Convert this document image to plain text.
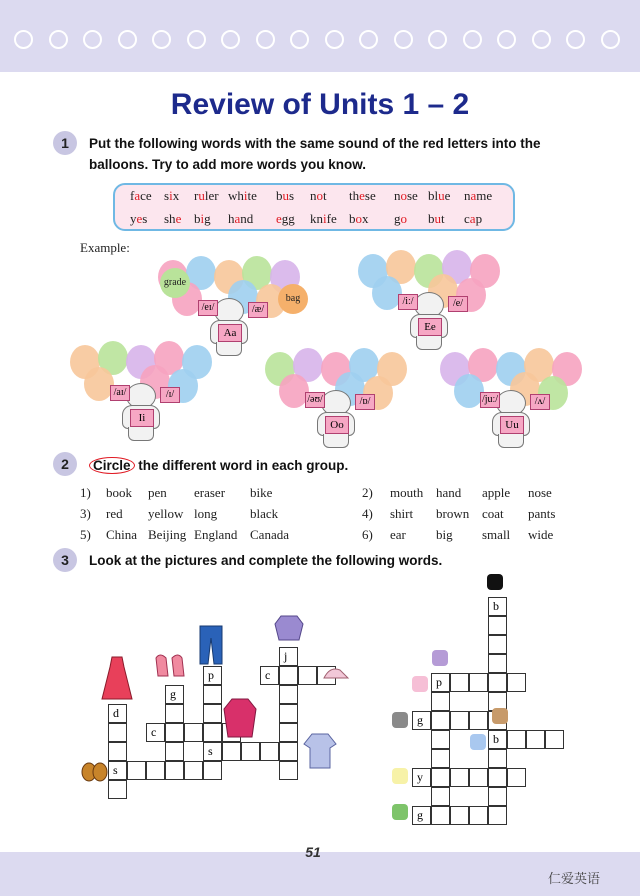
Review of Units 1 – 2
1	Put the following words with the same sound of the red letters into the
balloons. Try to add more words you know.
face six ruler white bus not these nose blue name
yes she big hand egg knife box go but cap
Example:
Aa
/eɪ/	/æ/
Ee
/iː/	/e/
Ii
/aɪ/	/ɪ/
Oo
/əʊ/	/ɒ/
Uu
/juː/	/ʌ/
grade
bag
2	Circle the different word in each group.
1) book pen eraser bike	2) mouth hand apple nose
3) red yellow long	black	4) shirt brown coat pants
5) China Beijing England Canada	6) ear big small wide
3	Look at the pictures and complete the following words.
j
p	c
g
d
c
s
s
b
p
g
b
y
g
51
仁爱英语
